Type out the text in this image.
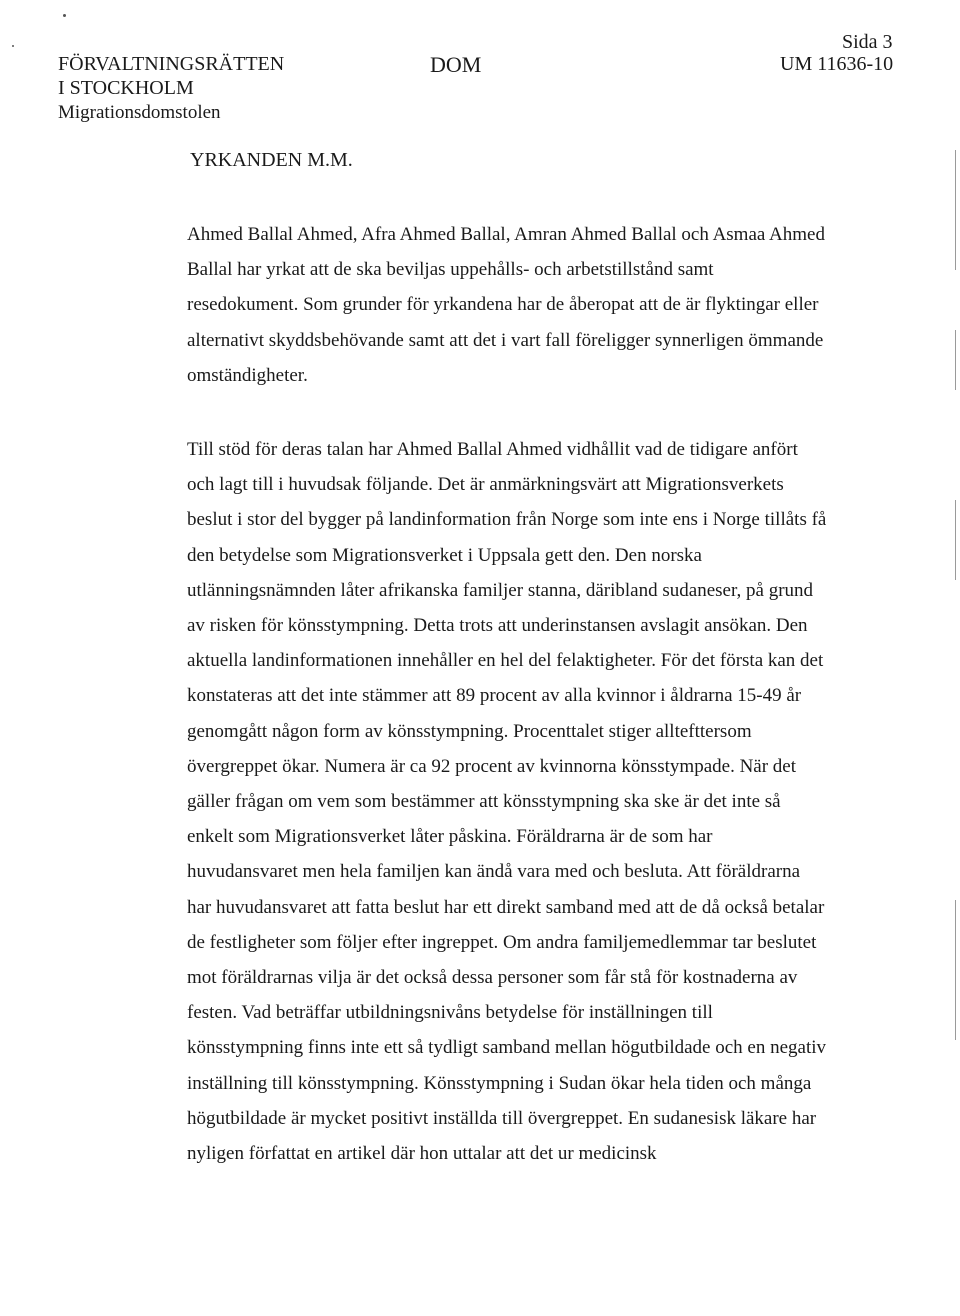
FÖRVALTNINGSRÄTTEN
I STOCKHOLM
Migrationsdomstolen
DOM
Sida 3
UM 11636-10
YRKANDEN M.M.
Ahmed Ballal Ahmed, Afra Ahmed Ballal, Amran Ahmed Ballal och Asmaa Ahmed Ballal har yrkat att de ska beviljas uppehålls- och arbetstillstånd samt resedokument. Som grunder för yrkandena har de åberopat att de är flyktingar eller alternativt skyddsbehövande samt att det i vart fall föreligger synnerligen ömmande omständigheter.
Till stöd för deras talan har Ahmed Ballal Ahmed vidhållit vad de tidigare anfört och lagt till i huvudsak följande. Det är anmärkningsvärt att Migrationsverkets beslut i stor del bygger på landinformation från Norge som inte ens i Norge tillåts få den betydelse som Migrationsverket i Uppsala gett den. Den norska utlänningsnämnden låter afrikanska familjer stanna, däribland sudaneser, på grund av risken för könsstympning. Detta trots att underinstansen avslagit ansökan. Den aktuella landinformationen innehåller en hel del felaktigheter. För det första kan det konstateras att det inte stämmer att 89 procent av alla kvinnor i åldrarna 15-49 år genomgått någon form av könsstympning. Procenttalet stiger alltefttersom övergreppet ökar. Numera är ca 92 procent av kvinnorna könsstympade. När det gäller frågan om vem som bestämmer att könsstympning ska ske är det inte så enkelt som Migrationsverket låter påskina. Föräldrarna är de som har huvudansvaret men hela familjen kan ändå vara med och besluta. Att föräldrarna har huvudansvaret att fatta beslut har ett direkt samband med att de då också betalar de festligheter som följer efter ingreppet. Om andra familjemedlemmar tar beslutet mot föräldrarnas vilja är det också dessa personer som får stå för kostnaderna av festen. Vad beträffar utbildningsnivåns betydelse för inställningen till könsstympning finns inte ett så tydligt samband mellan högutbildade och en negativ inställning till könsstympning. Könsstympning i Sudan ökar hela tiden och många högutbildade är mycket positivt inställda till övergreppet. En sudanesisk läkare har nyligen författat en artikel där hon uttalar att det ur medicinsk
